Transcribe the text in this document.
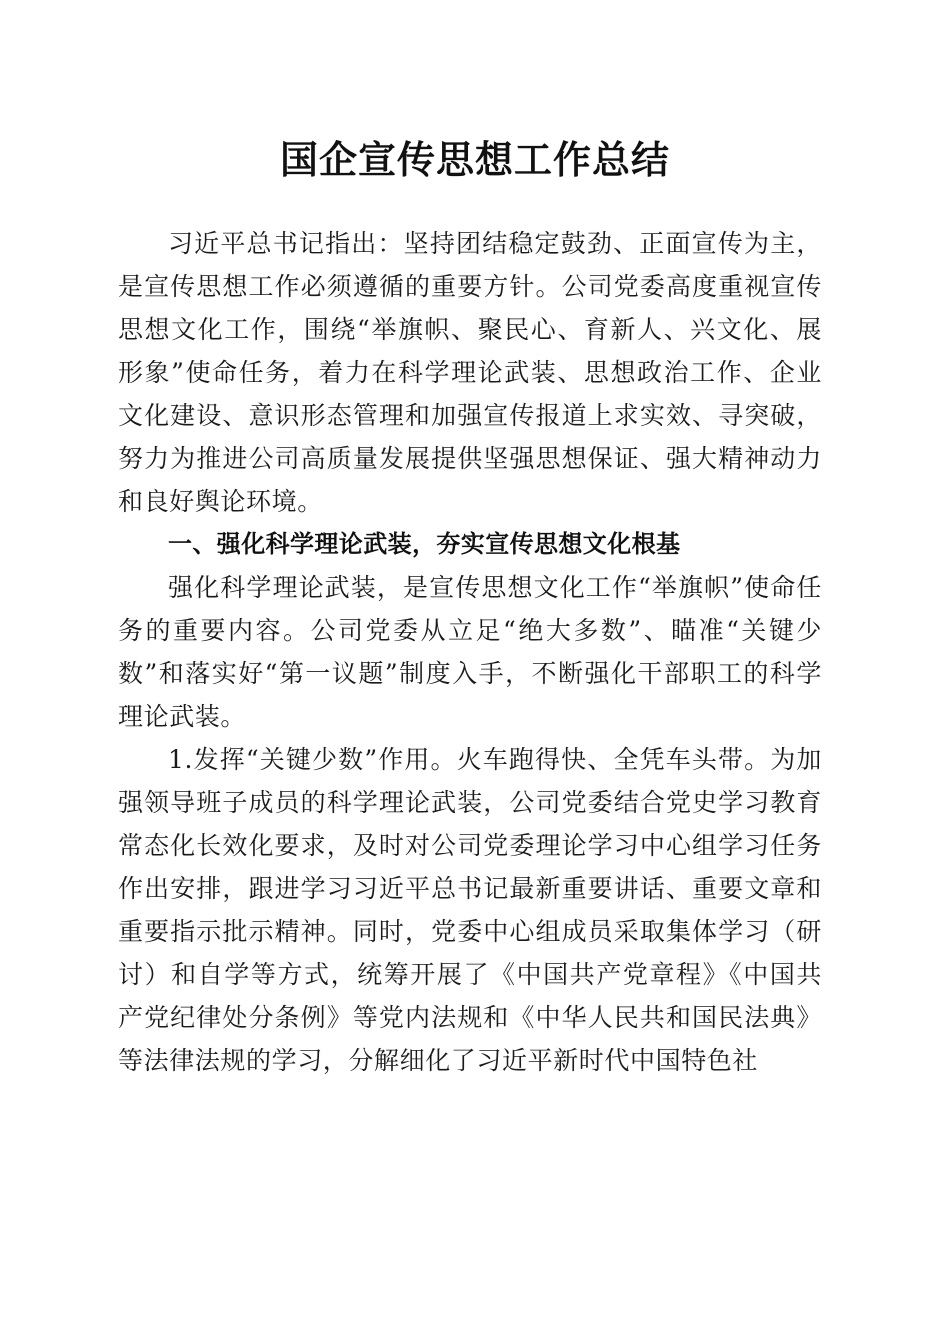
国企宣传思想工作总结

习近平总书记指出：坚持团结稳定鼓劲、正面宣传为主，是宣传思想工作必须遵循的重要方针。公司党委高度重视宣传思想文化工作，围绕“举旗帜、聚民心、育新人、兴文化、展形象”使命任务，着力在科学理论武装、思想政治工作、企业文化建设、意识形态管理和加强宣传报道上求实效、寻突破，努力为推进公司高质量发展提供坚强思想保证、强大精神动力和良好舆论环境。

一、强化科学理论武装，夯实宣传思想文化根基

强化科学理论武装，是宣传思想文化工作“举旗帜”使命任务的重要内容。公司党委从立足“绝大多数”、瞄准“关键少数”和落实好“第一议题”制度入手，不断强化干部职工的科学理论武装。

1.发挥“关键少数”作用。火车跑得快、全凭车头带。为加强领导班子成员的科学理论武装，公司党委结合党史学习教育常态化长效化要求，及时对公司党委理论学习中心组学习任务作出安排，跟进学习习近平总书记最新重要讲话、重要文章和重要指示批示精神。同时，党委中心组成员采取集体学习（研讨）和自学等方式，统筹开展了《中国共产党章程》《中国共产党纪律处分条例》等党内法规和《中华人民共和国民法典》等法律法规的学习，分解细化了习近平新时代中国特色社
